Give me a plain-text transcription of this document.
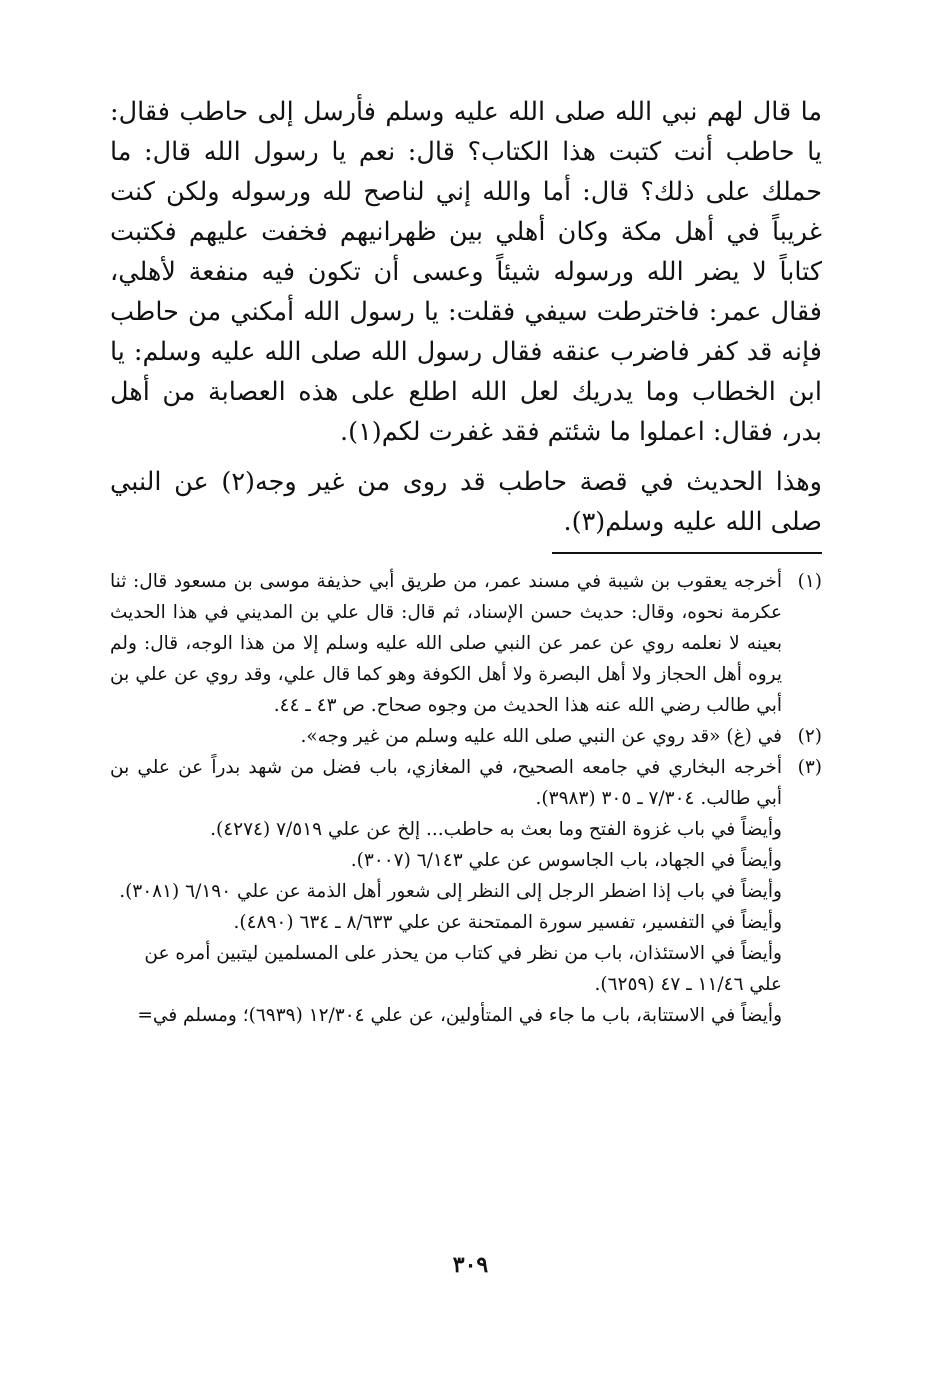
ما قال لهم نبي الله صلى الله عليه وسلم فأرسل إلى حاطب فقال: يا حاطب أنت كتبت هذا الكتاب؟ قال: نعم يا رسول الله قال: ما حملك على ذلك؟ قال: أما والله إني لناصح لله ورسوله ولكن كنت غريباً في أهل مكة وكان أهلي بين ظهرانيهم فخفت عليهم فكتبت كتاباً لا يضر الله ورسوله شيئاً وعسى أن تكون فيه منفعة لأهلي، فقال عمر: فاخترطت سيفي فقلت: يا رسول الله أمكني من حاطب فإنه قد كفر فاضرب عنقه فقال رسول الله صلى الله عليه وسلم: يا ابن الخطاب وما يدريك لعل الله اطلع على هذه العصابة من أهل بدر، فقال: اعملوا ما شئتم فقد غفرت لكم(١).

وهذا الحديث في قصة حاطب قد روى من غير وجه(٢) عن النبي صلى الله عليه وسلم(٣).

(١)
أخرجه يعقوب بن شيبة في مسند عمر، من طريق أبي حذيفة موسى بن مسعود قال: ثنا عكرمة نحوه، وقال: حديث حسن الإسناد، ثم قال: قال علي بن المديني في هذا الحديث بعينه لا نعلمه روي عن عمر عن النبي صلى الله عليه وسلم إلا من هذا الوجه، قال: ولم يروه أهل الحجاز ولا أهل البصرة ولا أهل الكوفة وهو كما قال علي، وقد روي عن علي بن أبي طالب رضي الله عنه هذا الحديث من وجوه صحاح. ص ٤٣ ـ ٤٤.

(٢)
في (غ) «قد روي عن النبي صلى الله عليه وسلم من غير وجه».

(٣)
أخرجه البخاري في جامعه الصحيح، في المغازي، باب فضل من شهد بدراً عن علي بن أبي طالب. ٧/٣٠٤ ـ ٣٠٥ (٣٩٨٣).

وأيضاً في باب غزوة الفتح وما بعث به حاطب... إلخ عن علي ٧/٥١٩ (٤٢٧٤).

وأيضاً في الجهاد، باب الجاسوس عن علي ٦/١٤٣ (٣٠٠٧).

وأيضاً في باب إذا اضطر الرجل إلى النظر إلى شعور أهل الذمة عن علي ٦/١٩٠ (٣٠٨١).

وأيضاً في التفسير، تفسير سورة الممتحنة عن علي ٨/٦٣٣ ـ ٦٣٤ (٤٨٩٠).

وأيضاً في الاستئذان، باب من نظر في كتاب من يحذر على المسلمين ليتبين أمره عن علي ١١/٤٦ ـ ٤٧ (٦٢٥٩).

وأيضاً في الاستتابة، باب ما جاء في المتأولين، عن علي ١٢/٣٠٤ (٦٩٣٩)؛ ومسلم في=

٣٠٩
